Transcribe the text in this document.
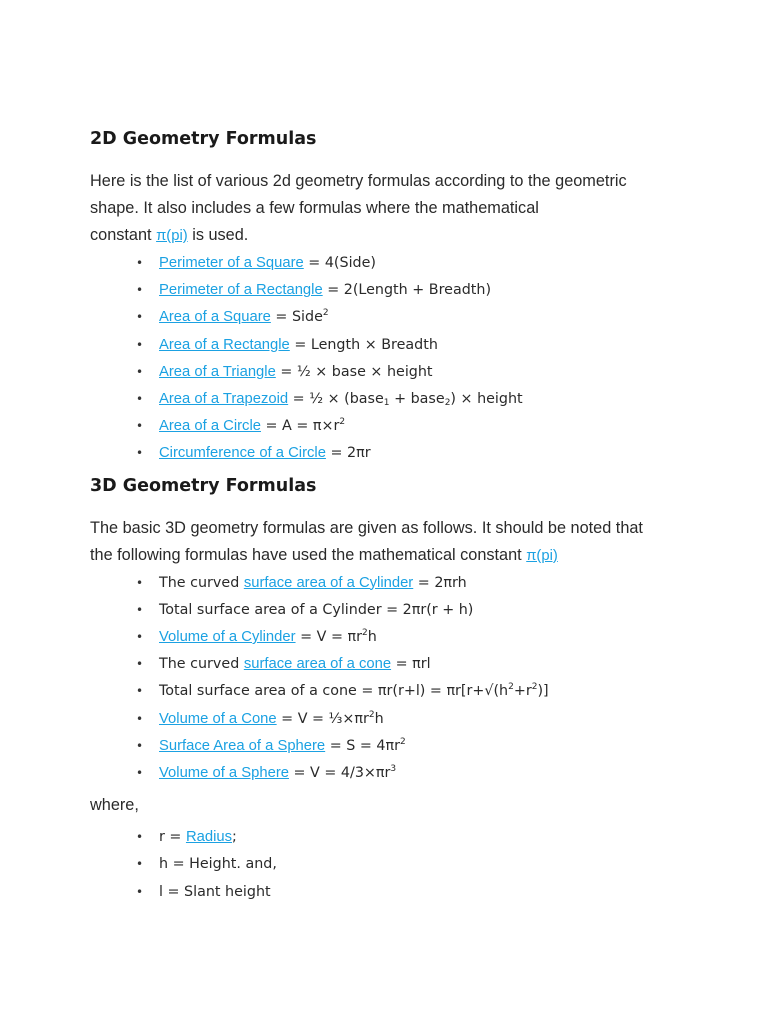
2D Geometry Formulas

Here is the list of various 2d geometry formulas according to the geometric
shape. It also includes a few formulas where the mathematical
constant π(pi) is used.

• Perimeter of a Square = 4(Side)
• Perimeter of a Rectangle = 2(Length + Breadth)
• Area of a Square = Side$^2$
• Area of a Rectangle = Length × Breadth
• Area of a Triangle = ½ × base × height
• Area of a Trapezoid = ½ × (base$_1$ + base$_2$) × height
• Area of a Circle = $A = \pi\times r^2$
• Circumference of a Circle = 2πr
3D Geometry Formulas

The basic 3D geometry formulas are given as follows. It should be noted that
the following formulas have used the mathematical constant π(pi)

• The curved surface area of a Cylinder = 2πrh
• Total surface area of a Cylinder = 2πr(r + h)
• Volume of a Cylinder = $V = \pi r^2h$
• The curved surface area of a cone = πrl
• Total surface area of a cone = $\pi r(r+l) = \pi r[r+√(h^2+r^2)]$
• Volume of a Cone = $V = \frac{1}{3}\times\pi r^2h$
• Surface Area of a Sphere = $S = 4\pi r^2$
• Volume of a Sphere = $V = 4/3\times\pi r^3$
where,
• r = Radius;
• h = Height. and,
• l = Slant height
